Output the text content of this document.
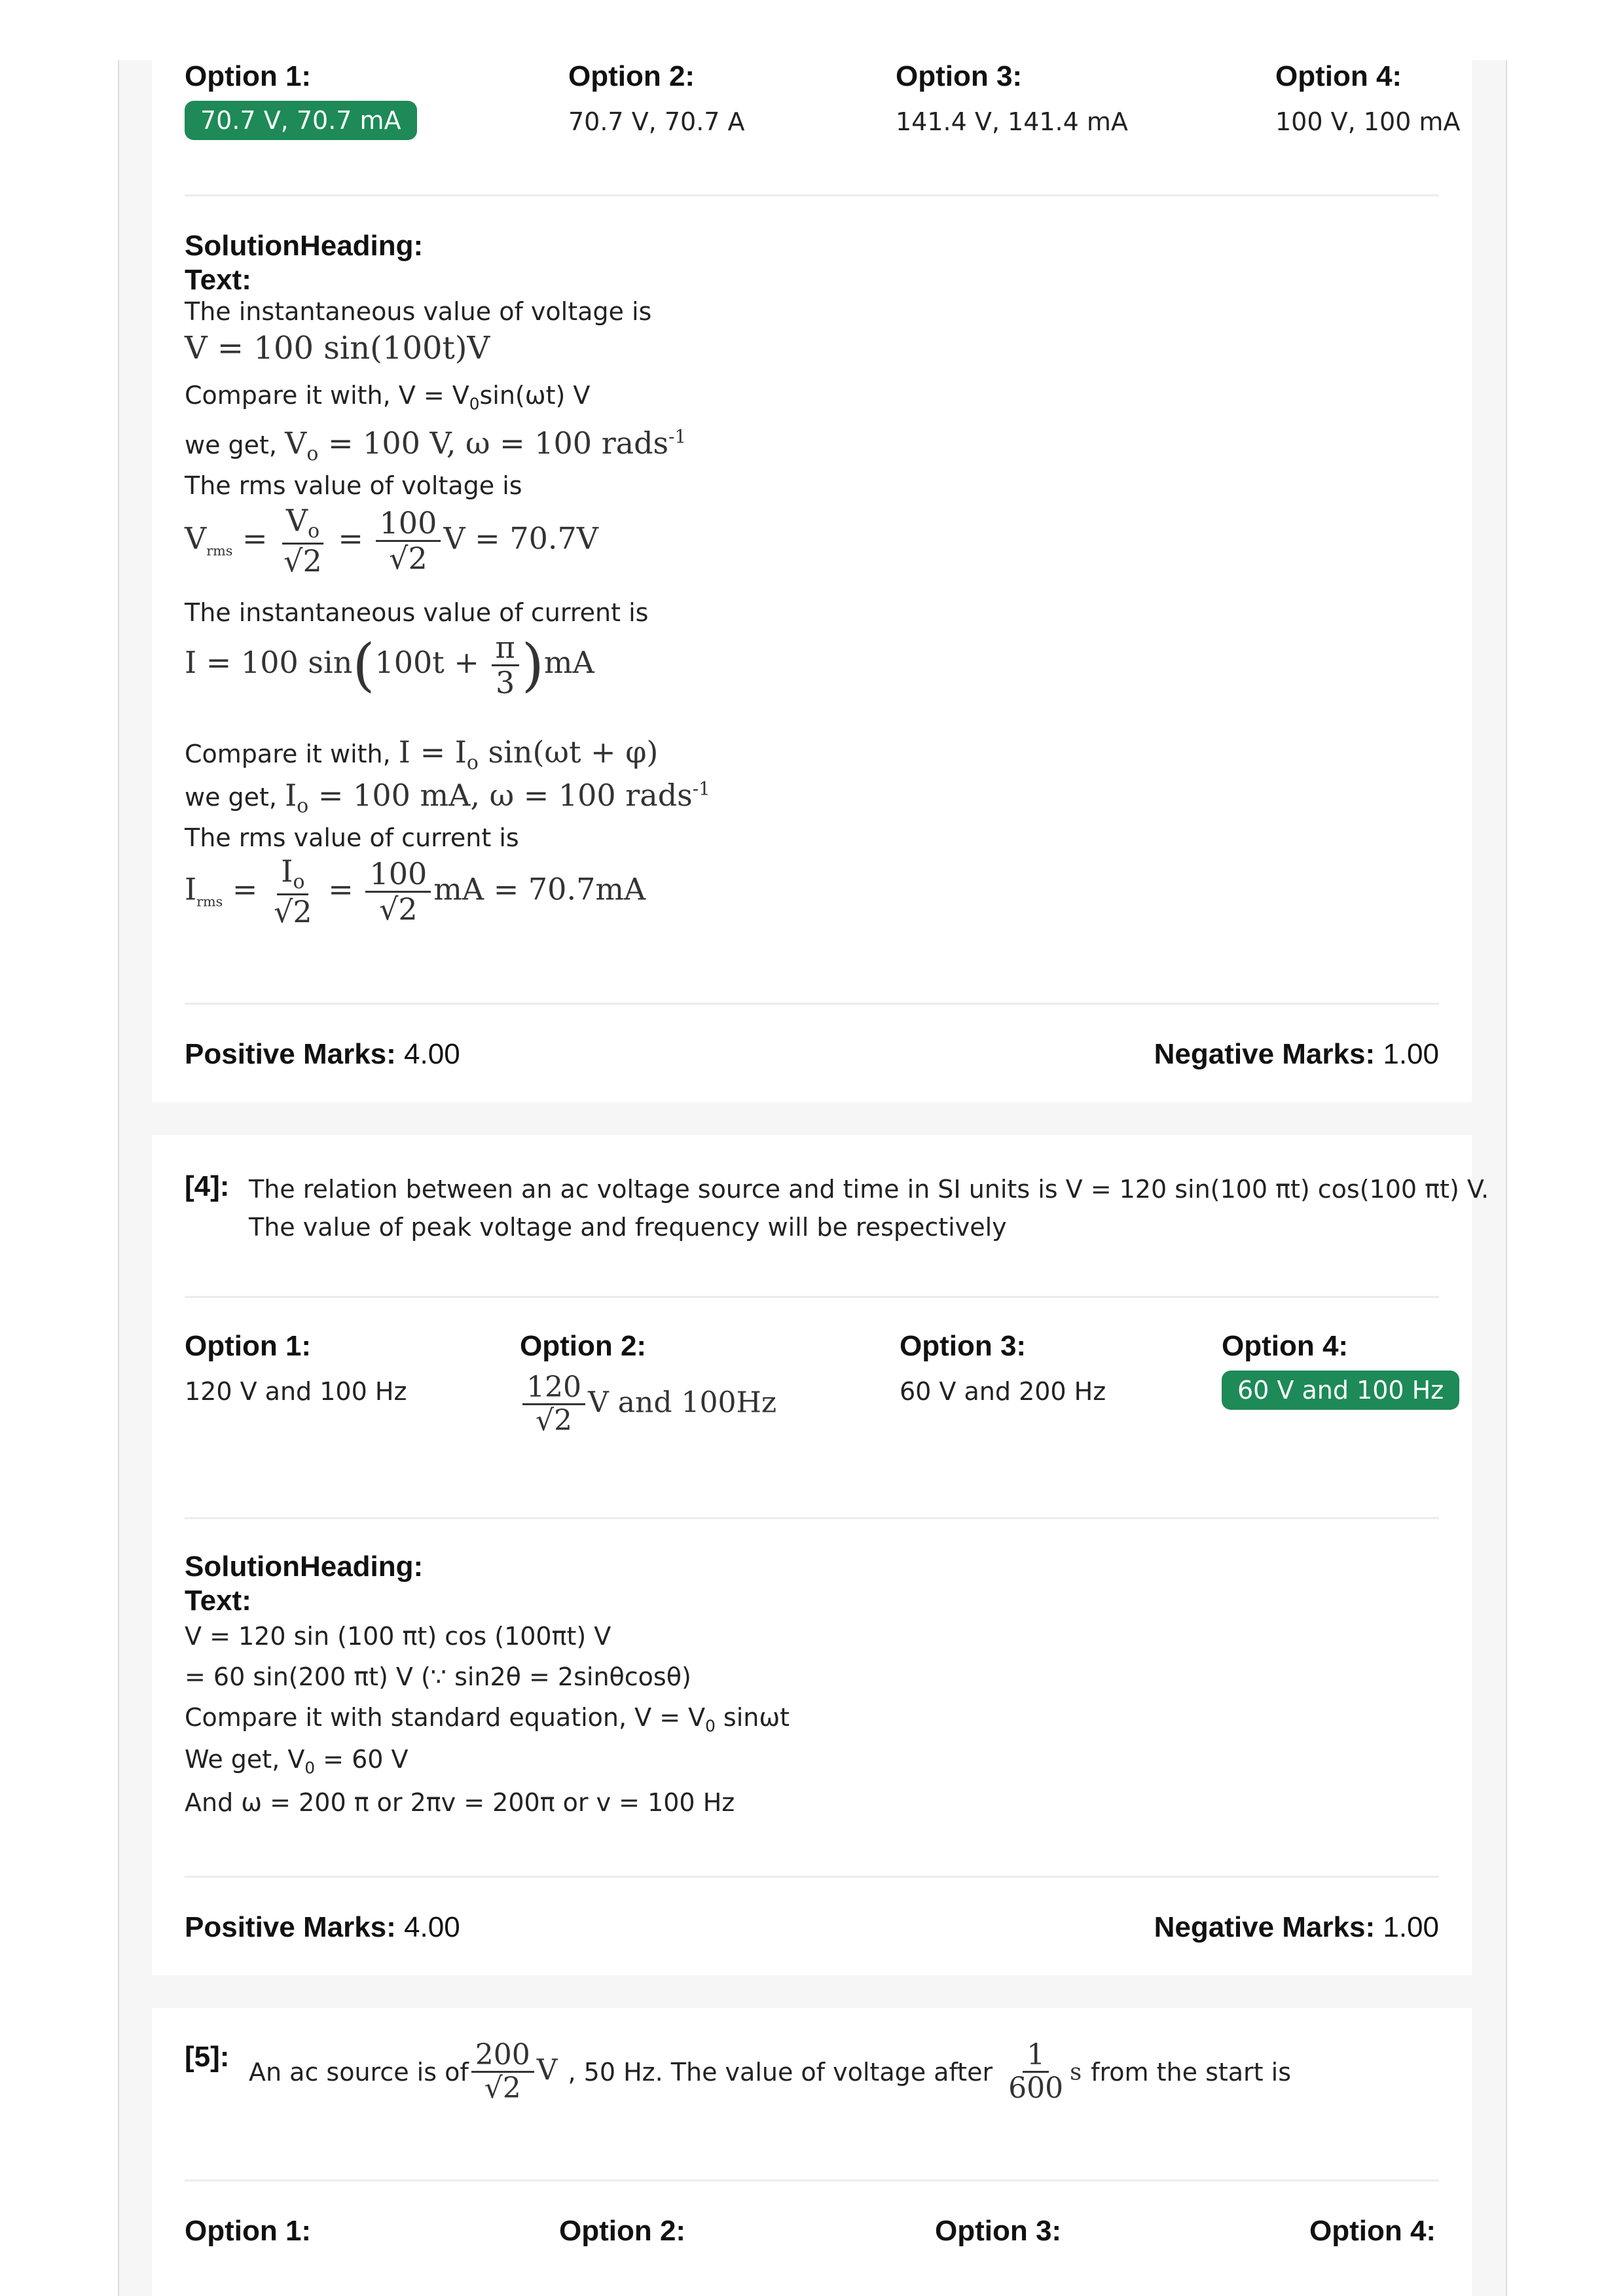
Option 1:
70.7 V, 70.7 mA
Option 2:
70.7 V, 70.7 A
Option 3:
141.4 V, 141.4 mA
Option 4:
100 V, 100 mA
SolutionHeading:
Text:
The instantaneous value of voltage is
V = 100 sin(100t)V
Compare it with, $V = V_0\sin(\omega t)$ V
we get, $V_o = 100$ V, ω = 100 rads$^{-1}$
The rms value of voltage is
$V_{rms} = \frac{V_o}{√2} = \frac{100}{√2}$ V = 70.7V
The instantaneous value of current is
I = 100 $\sin(100t + \frac{\pi}{3} )mA$
Compare it with, $I = I_o$ sin(ωt + φ)
we get, $I_o = 100$ mA, ω = 100 rads$^{-1}$
The rms value of current is
$I_{rms} = \frac{I_o}{√2} = \frac{100}{√2}$ mA = 70.7mA
Positive Marks: 4.00	Negative Marks: 1.00
[4]: The relation between an ac voltage source and time in SI units is V = 120 sin(100 πt) cos(100 πt) V.
The value of peak voltage and frequency will be respectively
Option 1:
120 V and 100 Hz
Option 2:
$\frac{120}{√2}$ V and 100Hz
Option 3:
60 V and 200 Hz
Option 4:
60 V and 100 Hz
SolutionHeading:
Text:
V = 120 sin (100 πt) cos (100πt) V
= 60 sin(200 πt) V (∵ sin2θ = 2sinθcosθ)
Compare it with standard equation, $V = V_0$ sinωt
We get, $V_0 = 60$ V
And ω = 200 π or 2πv = 200π or v = 100 Hz
Positive Marks: 4.00	Negative Marks: 1.00
[5]: An ac source is of $\frac{200}{√2}$ V , 50 Hz. The value of voltage after $\frac{1}{600}$ s from the start is
Option 1:	Option 2:	Option 3:	Option 4:
